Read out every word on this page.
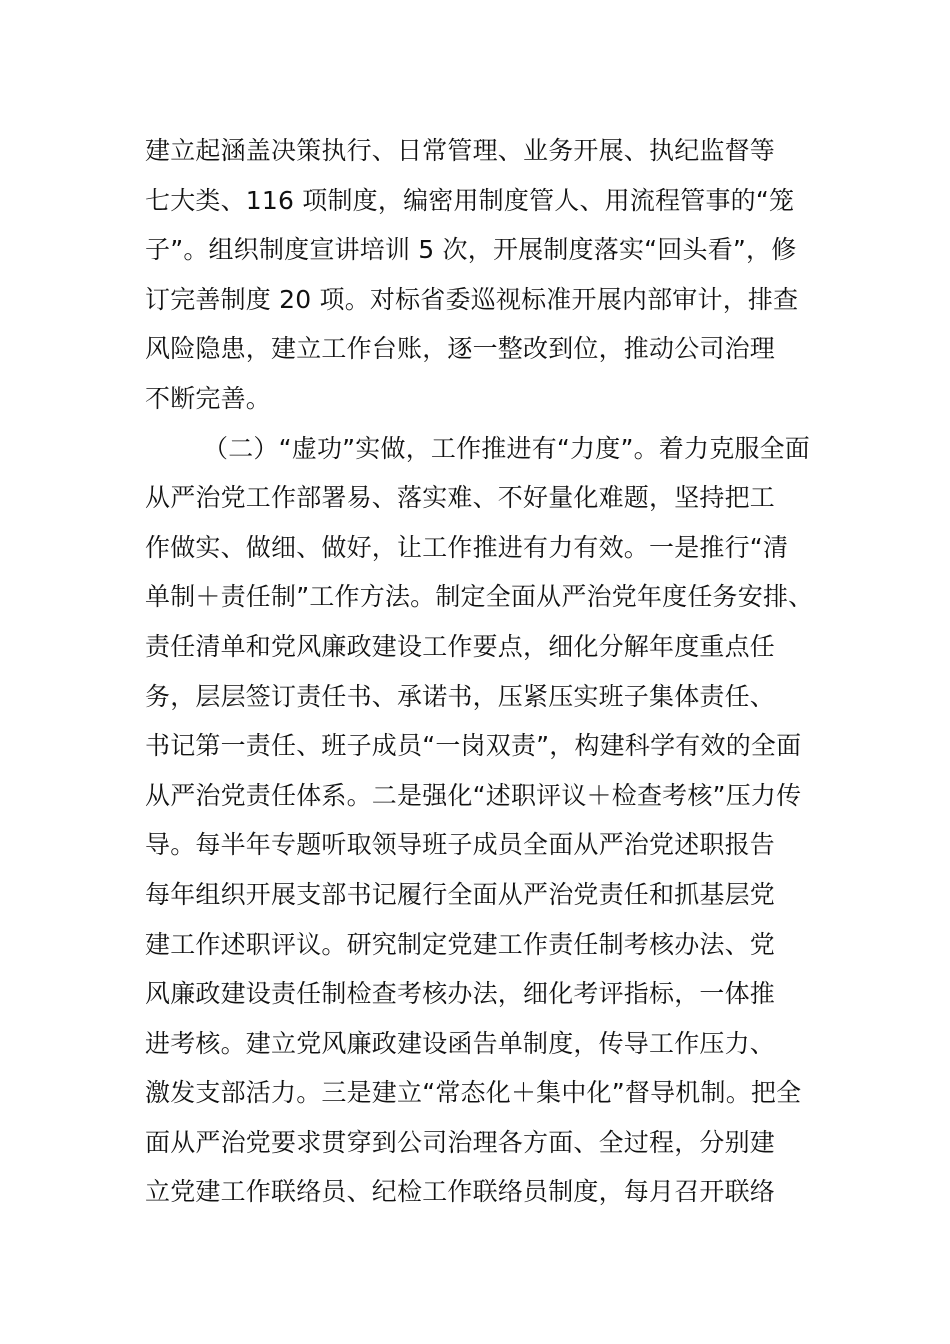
建立起涵盖决策执行、日常管理、业务开展、执纪监督等
七大类、116 项制度，编密用制度管人、用流程管事的“笼
子”。组织制度宣讲培训 5 次，开展制度落实“回头看”，修
订完善制度 20 项。对标省委巡视标准开展内部审计，排查
风险隐患，建立工作台账，逐一整改到位，推动公司治理
不断完善。
（二）“虚功”实做，工作推进有“力度”。着力克服全面
从严治党工作部署易、落实难、不好量化难题，坚持把工
作做实、做细、做好，让工作推进有力有效。一是推行“清
单制＋责任制”工作方法。制定全面从严治党年度任务安排、
责任清单和党风廉政建设工作要点，细化分解年度重点任
务，层层签订责任书、承诺书，压紧压实班子集体责任、
书记第一责任、班子成员“一岗双责”，构建科学有效的全面
从严治党责任体系。二是强化“述职评议＋检查考核”压力传
导。每半年专题听取领导班子成员全面从严治党述职报告
每年组织开展支部书记履行全面从严治党责任和抓基层党
建工作述职评议。研究制定党建工作责任制考核办法、党
风廉政建设责任制检查考核办法，细化考评指标，一体推
进考核。建立党风廉政建设函告单制度，传导工作压力、
激发支部活力。三是建立“常态化＋集中化”督导机制。把全
面从严治党要求贯穿到公司治理各方面、全过程，分别建
立党建工作联络员、纪检工作联络员制度，每月召开联络
